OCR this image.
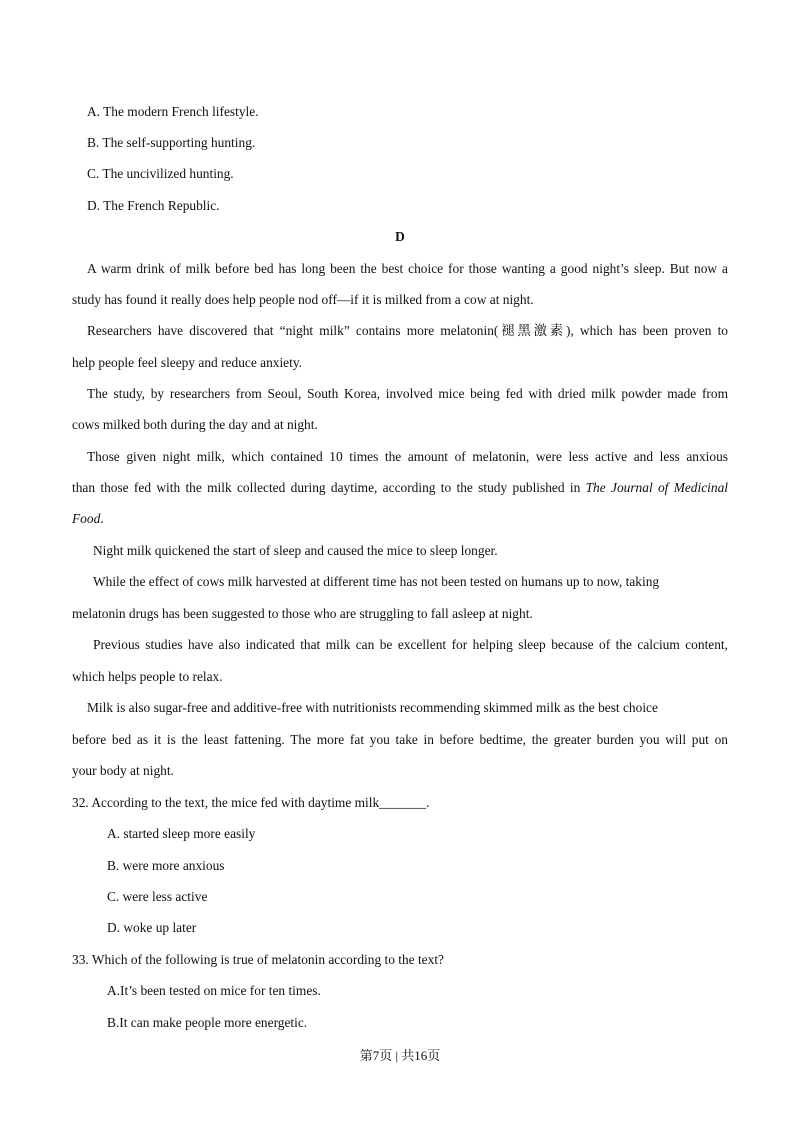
A. The modern French lifestyle.
B. The self-supporting hunting.
C. The uncivilized hunting.
D. The French Republic.
D
A warm drink of milk before bed has long been the best choice for those wanting a good night’s sleep. But now a
study has found it really does help people nod off—if it is milked from a cow at night.
Researchers have discovered that “night milk” contains more melatonin(褪黑激素), which has been proven to
help people feel sleepy and reduce anxiety.
The study, by researchers from Seoul, South Korea, involved mice being fed with dried milk powder made from
cows milked both during the day and at night.
Those given night milk, which contained 10 times the amount of melatonin, were less active and less anxious
than those fed with the milk collected during daytime, according to the study published in The Journal of Medicinal
Food.
Night milk quickened the start of sleep and caused the mice to sleep longer.
While the effect of cows milk harvested at different time has not been tested on humans up to now, taking
melatonin drugs has been suggested to those who are struggling to fall asleep at night.
Previous studies have also indicated that milk can be excellent for helping sleep because of the calcium content,
which helps people to relax.
Milk is also sugar-free and additive-free with nutritionists recommending skimmed milk as the best choice
before bed as it is the least fattening. The more fat you take in before bedtime, the greater burden you will put on
your body at night.
32. According to the text, the mice fed with daytime milk_______.
A. started sleep more easily
B. were more anxious
C. were less active
D. woke up later
33. Which of the following is true of melatonin according to the text?
A.It’s been tested on mice for ten times.
B.It can make people more energetic.
第7页 | 共16页
